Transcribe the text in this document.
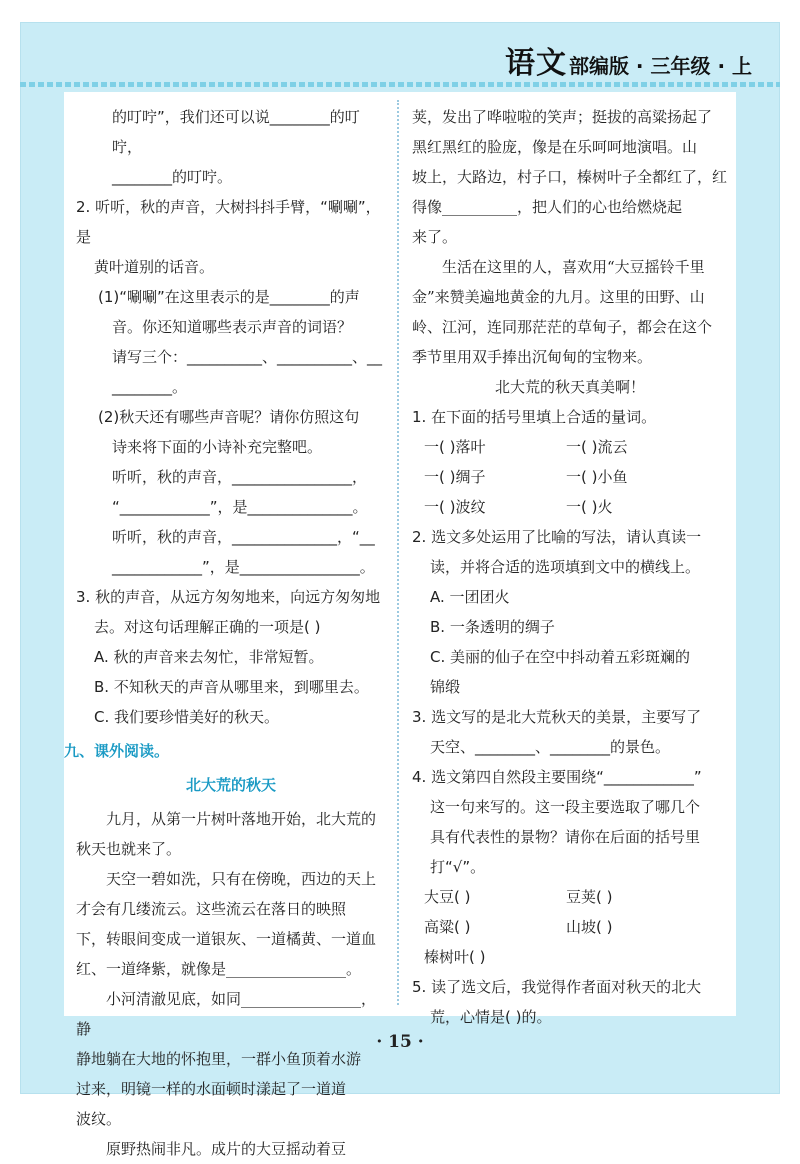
语文 部编版 · 三年级 · 上

的叮咛”，我们还可以说________的叮咛，

________的叮咛。

2. 听听，秋的声音，大树抖抖手臂，“唰唰”，是

黄叶道别的话音。

(1)“唰唰”在这里表示的是________的声

音。你还知道哪些表示声音的词语？

请写三个：__________、__________、__

________。

(2)秋天还有哪些声音呢？请你仿照这句

诗来将下面的小诗补充完整吧。

听听，秋的声音，________________，

“____________”，是______________。

听听，秋的声音，______________，“__

____________”，是________________。

3. 秋的声音，从远方匆匆地来，向远方匆匆地

去。对这句话理解正确的一项是( )

A. 秋的声音来去匆忙，非常短暂。

B. 不知秋天的声音从哪里来，到哪里去。

C. 我们要珍惜美好的秋天。

九、课外阅读。

北大荒的秋天

九月，从第一片树叶落地开始，北大荒的

秋天也就来了。

天空一碧如洗，只有在傍晚，西边的天上

才会有几缕流云。这些流云在落日的映照

下，转眼间变成一道银灰、一道橘黄、一道血

红、一道绛紫，就像是________________。

小河清澈见底，如同________________，静

静地躺在大地的怀抱里，一群小鱼顶着水游

过来，明镜一样的水面顿时漾起了一道道

波纹。

原野热闹非凡。成片的大豆摇动着豆

荚，发出了哗啦啦的笑声；挺拔的高粱扬起了

黑红黑红的脸庞，像是在乐呵呵地演唱。山

坡上，大路边，村子口，榛树叶子全都红了，红

得像__________，把人们的心也给燃烧起

来了。

生活在这里的人，喜欢用“大豆摇铃千里

金”来赞美遍地黄金的九月。这里的田野、山

岭、江河，连同那茫茫的草甸子，都会在这个

季节里用双手捧出沉甸甸的宝物来。

北大荒的秋天真美啊！

1. 在下面的括号里填上合适的量词。

一( )落叶	一( )流云
一( )绸子	一( )小鱼
一( )波纹	一( )火

2. 选文多处运用了比喻的写法，请认真读一

读，并将合适的选项填到文中的横线上。

A. 一团团火

B. 一条透明的绸子

C. 美丽的仙子在空中抖动着五彩斑斓的

锦缎

3. 选文写的是北大荒秋天的美景，主要写了

天空、________、________的景色。

4. 选文第四自然段主要围绕“____________”

这一句来写的。这一段主要选取了哪几个

具有代表性的景物？请你在后面的括号里

打“√”。

大豆( )	豆荚( )
高粱( )	山坡( )
榛树叶( )

5. 读了选文后，我觉得作者面对秋天的北大

荒，心情是( )的。

· 15 ·
